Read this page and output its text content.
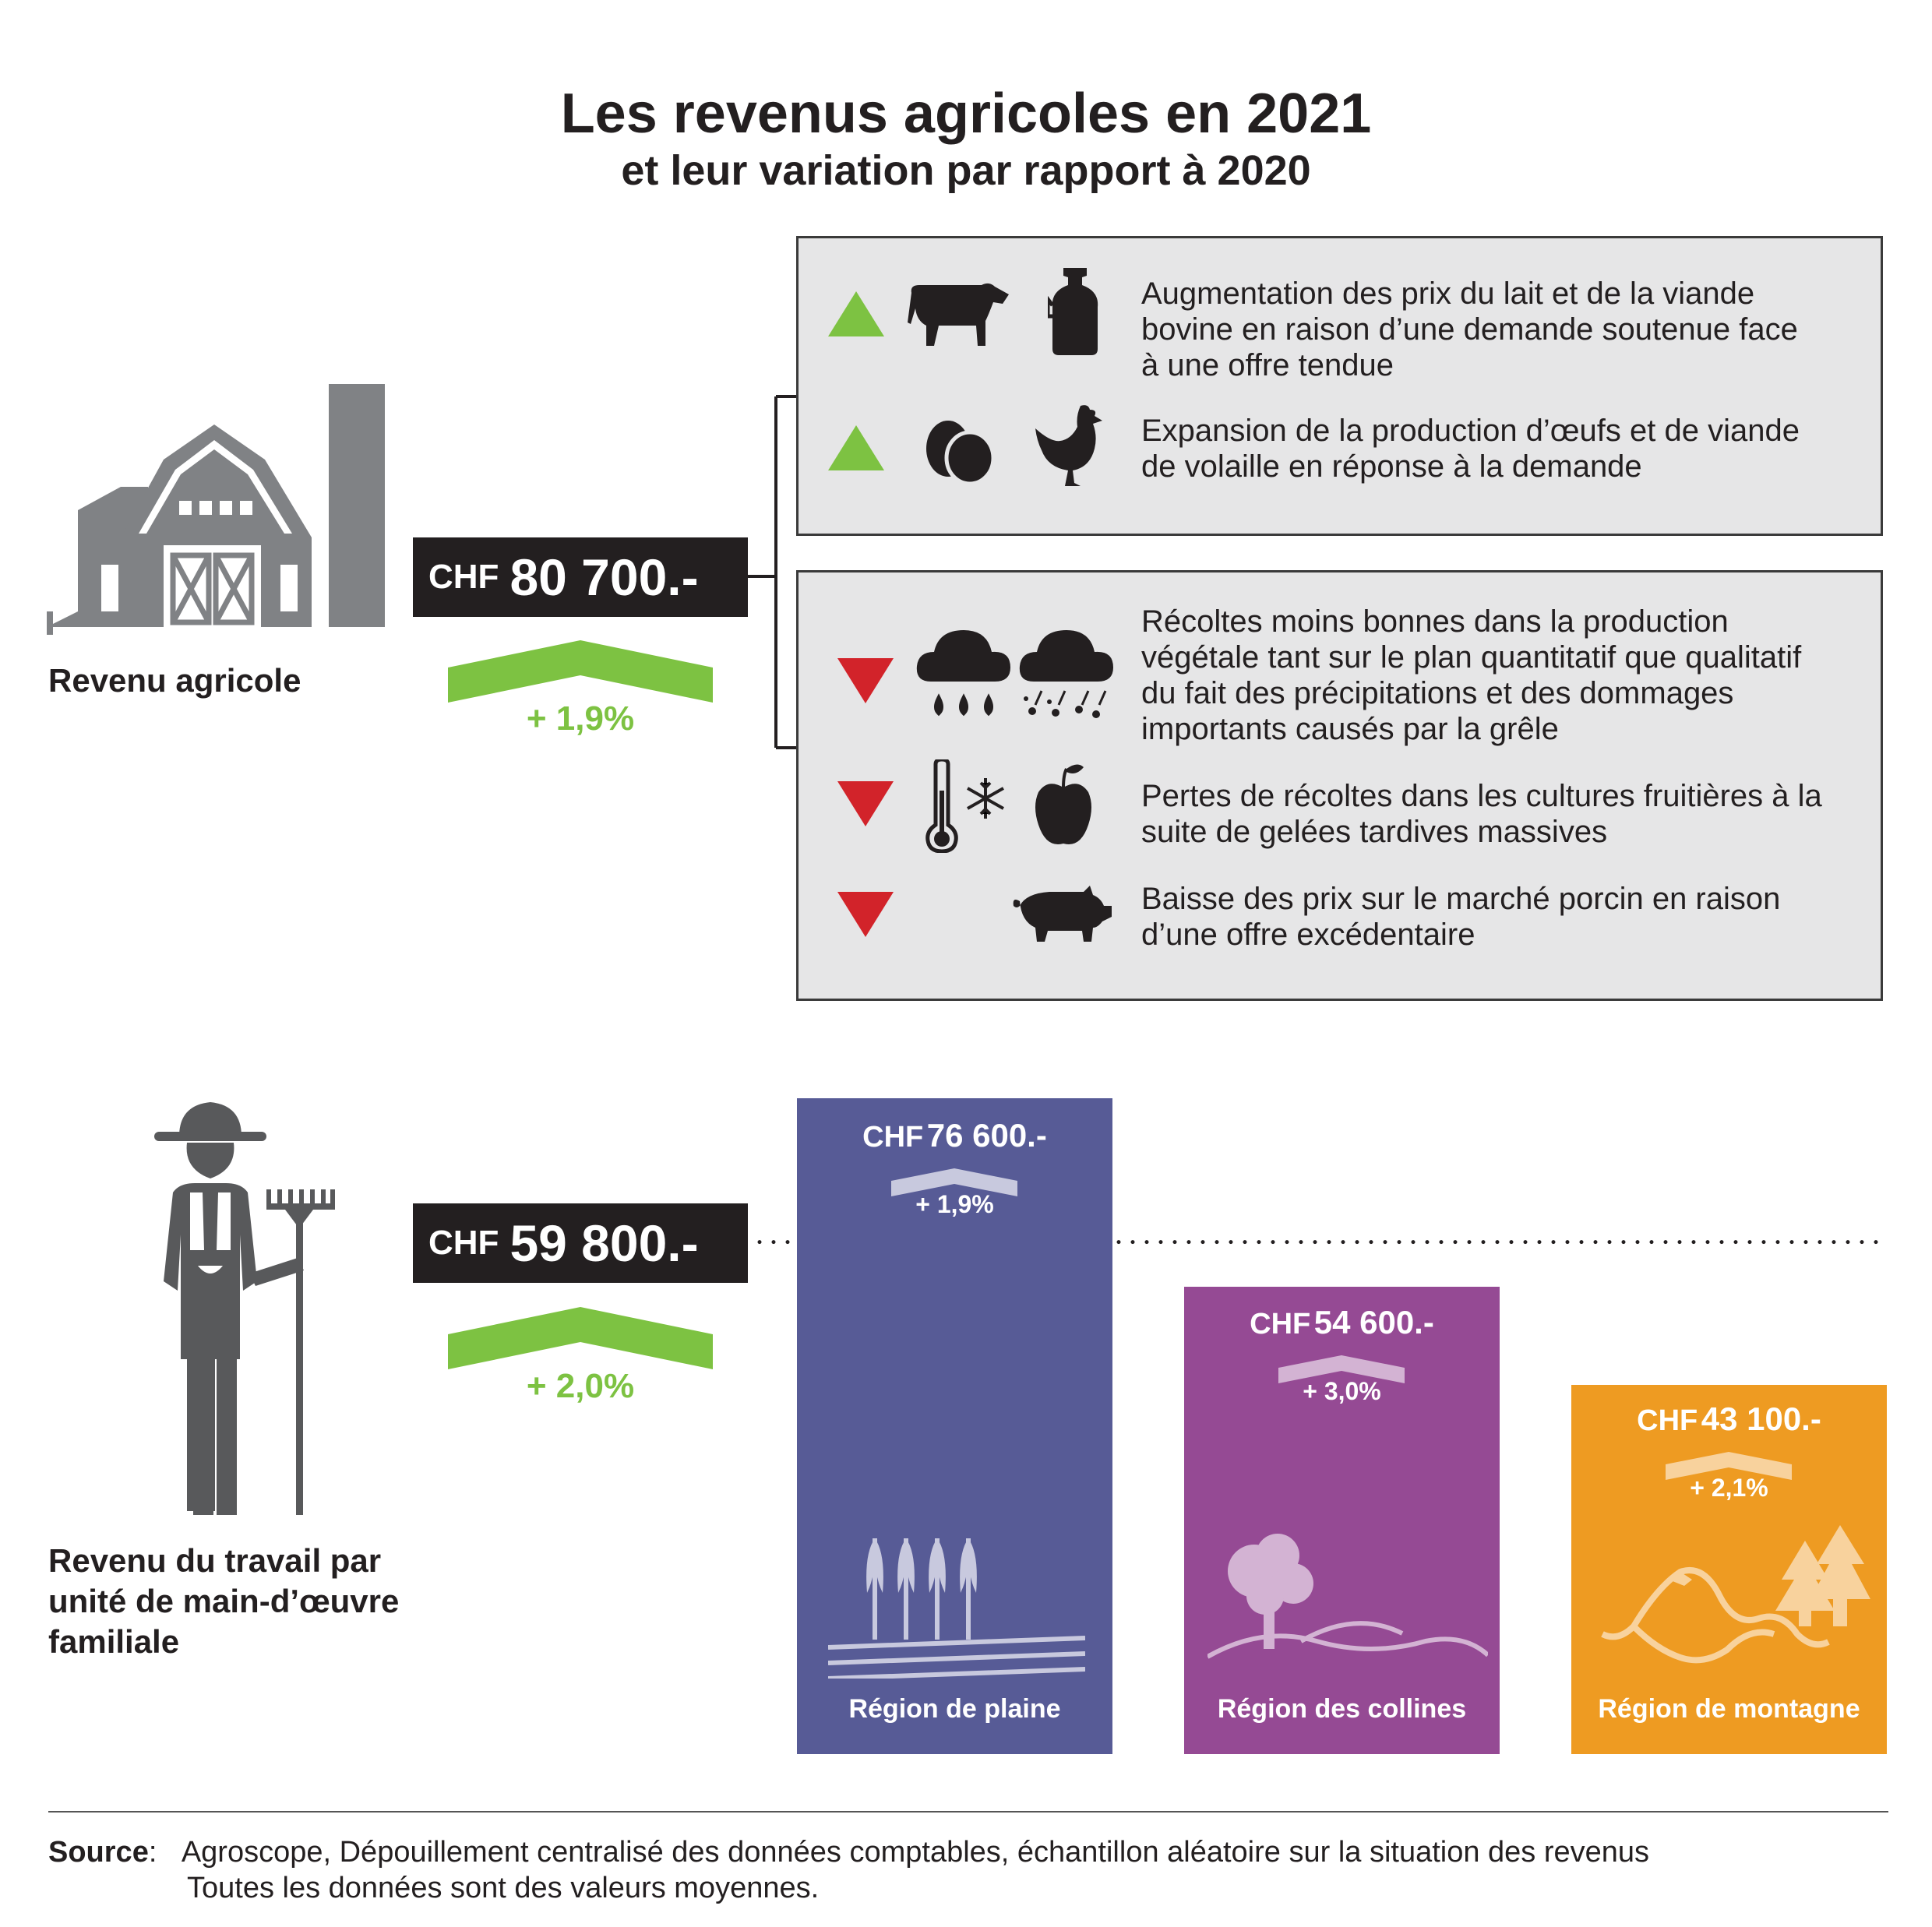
Les revenus agricoles en 2021
et leur variation par rapport à 2020
Revenu agricole
CHF 80 700.-
+ 1,9%
Augmentation des prix du lait et de la viande
bovine en raison d’une demande soutenue face
à une offre tendue
Expansion de la production d’œufs et de viande
de volaille en réponse à la demande
Récoltes moins bonnes dans la production
végétale tant sur le plan quantitatif que qualitatif
du fait des précipitations et des dommages
importants causés par la grêle
Pertes de récoltes dans les cultures fruitières à la
suite de gelées tardives massives
Baisse des prix sur le marché porcin en raison
d’une offre excédentaire
Revenu du travail par
unité de main-d’œuvre
familiale
CHF 59 800.-
+ 2,0%
CHF 76 600.-
+ 1,9%
Région de plaine
CHF 54 600.-
+ 3,0%
Région des collines
CHF 43 100.-
+ 2,1%
Région de montagne
Source : Agroscope, Dépouillement centralisé des données comptables, échantillon aléatoire sur la situation des revenus
Toutes les données sont des valeurs moyennes.
